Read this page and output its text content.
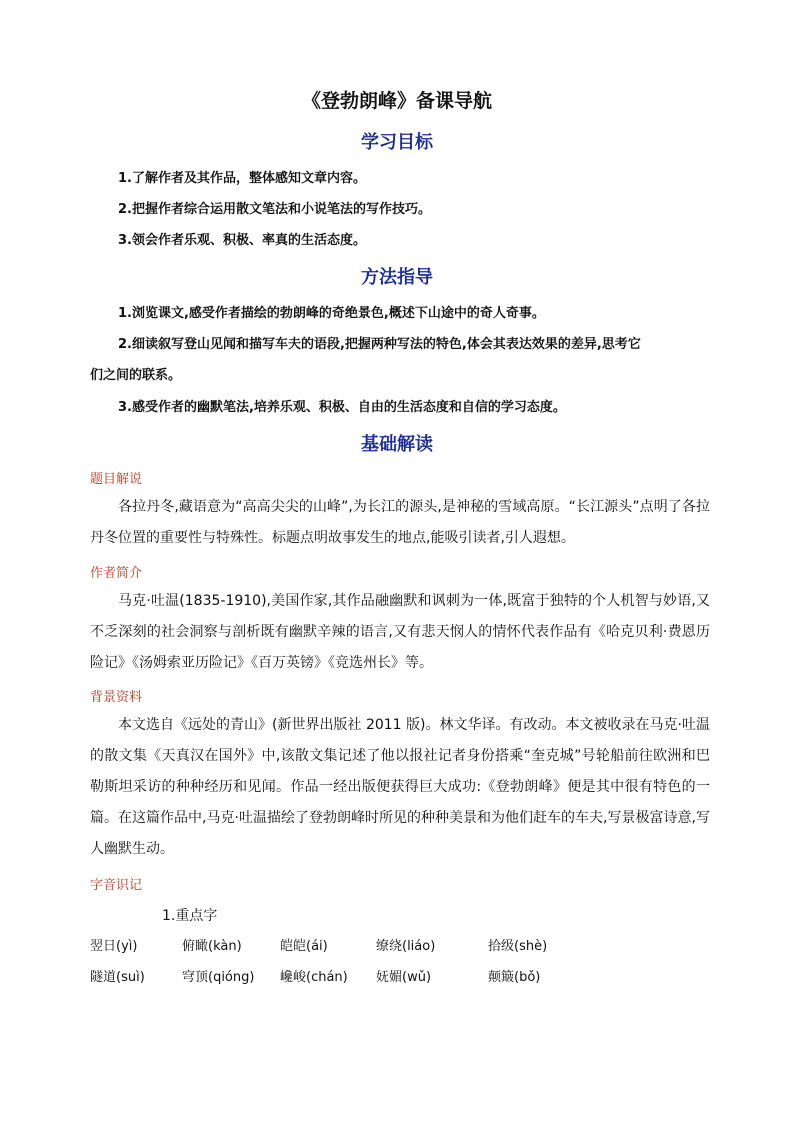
《登勃朗峰》备课导航
学习目标
1.了解作者及其作品，整体感知文章内容。
2.把握作者综合运用散文笔法和小说笔法的写作技巧。
3.领会作者乐观、积极、率真的生活态度。
方法指导
1.浏览课文,感受作者描绘的勃朗峰的奇绝景色,概述下山途中的奇人奇事。
2.细读叙写登山见闻和描写车夫的语段,把握两种写法的特色,体会其表达效果的差异,思考它
们之间的联系。
3.感受作者的幽默笔法,培养乐观、积极、自由的生活态度和自信的学习态度。
基础解读
题目解说
各拉丹冬,藏语意为“高高尖尖的山峰”,为长江的源头,是神秘的雪域高原。“长江源头”点明了各拉丹冬位置的重要性与特殊性。标题点明故事发生的地点,能吸引读者,引人遐想。
作者简介
马克·吐温(1835-1910),美国作家,其作品融幽默和讽刺为一体,既富于独特的个人机智与妙语,又不乏深刻的社会洞察与剖析既有幽默辛辣的语言,又有悲天悯人的情怀代表作品有《哈克贝利·费恩历险记》《汤姆索亚历险记》《百万英镑》《竞选州长》等。
背景资料
本文选自《远处的青山》(新世界出版社 2011 版)。林文华译。有改动。本文被收录在马克·吐温的散文集《天真汉在国外》中,该散文集记述了他以报社记者身份搭乘“奎克城”号轮船前往欧洲和巴勒斯坦采访的种种经历和见闻。作品一经出版便获得巨大成功:《登勃朗峰》便是其中很有特色的一篇。在这篇作品中,马克·吐温描绘了登勃朗峰时所见的种种美景和为他们赶车的车夫,写景极富诗意,写人幽默生动。
字音识记
1.重点字
翌日(yì)	俯瞰(kàn)	皑皑(ái)	缭绕(liáo)	拾级(shè)
隧道(suì)	穹顶(qióng) 巉峻(chán) 妩媚(wǔ)	颠簸(bǒ)
